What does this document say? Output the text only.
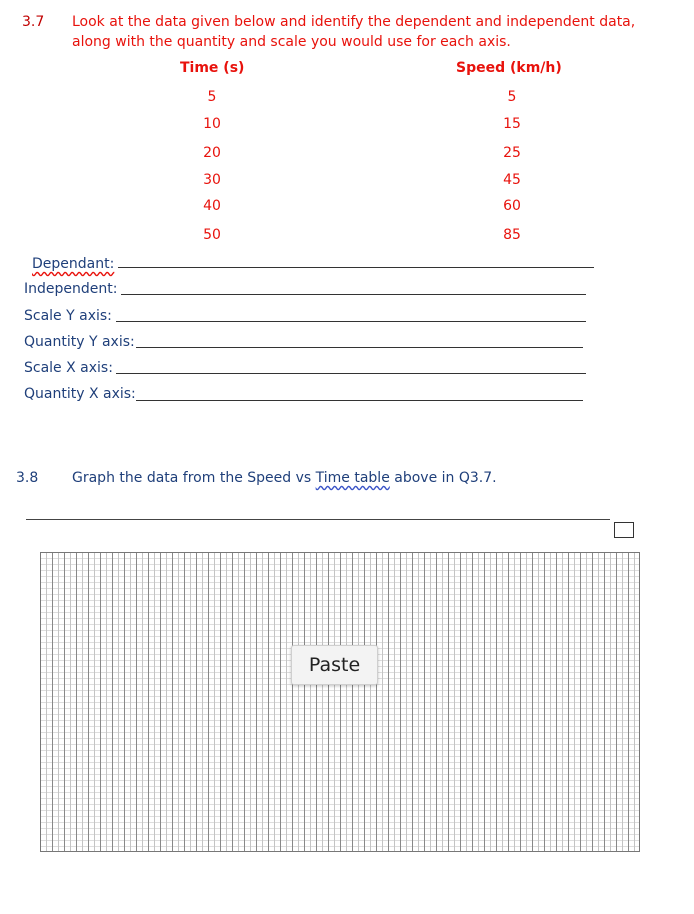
3.7 Look at the data given below and identify the dependent and independent data,
along with the quantity and scale you would use for each axis.
Time (s)	Speed (km/h)
5
10
20
30
40
50
5
15
25
45
60
85
Dependant:
Independent:
Scale Y axis:
Quantity Y axis:
Scale X axis:
Quantity X axis:
3.8 Graph the data from the Speed vs Time table above in Q3.7.
Paste
